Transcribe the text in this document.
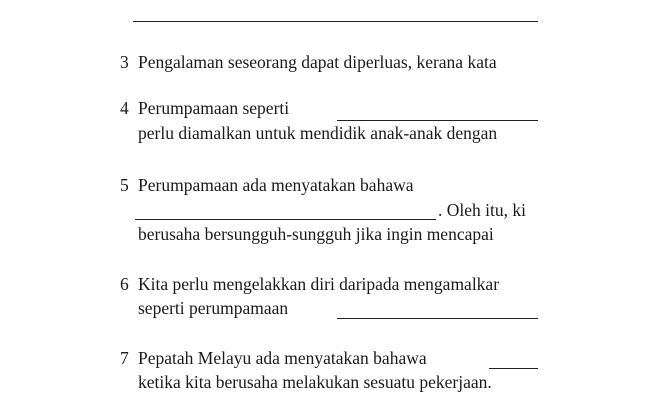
3 Pengalaman seseorang dapat diperluas, kerana kata
4 Perumpamaan seperti
perlu diamalkan untuk mendidik anak-anak dengan
5 Perumpamaan ada menyatakan bahawa
. Oleh itu, ki
berusaha bersungguh-sungguh jika ingin mencapai
6 Kita perlu mengelakkan diri daripada mengamalkar
seperti perumpamaan
7 Pepatah Melayu ada menyatakan bahawa
ketika kita berusaha melakukan sesuatu pekerjaan.
